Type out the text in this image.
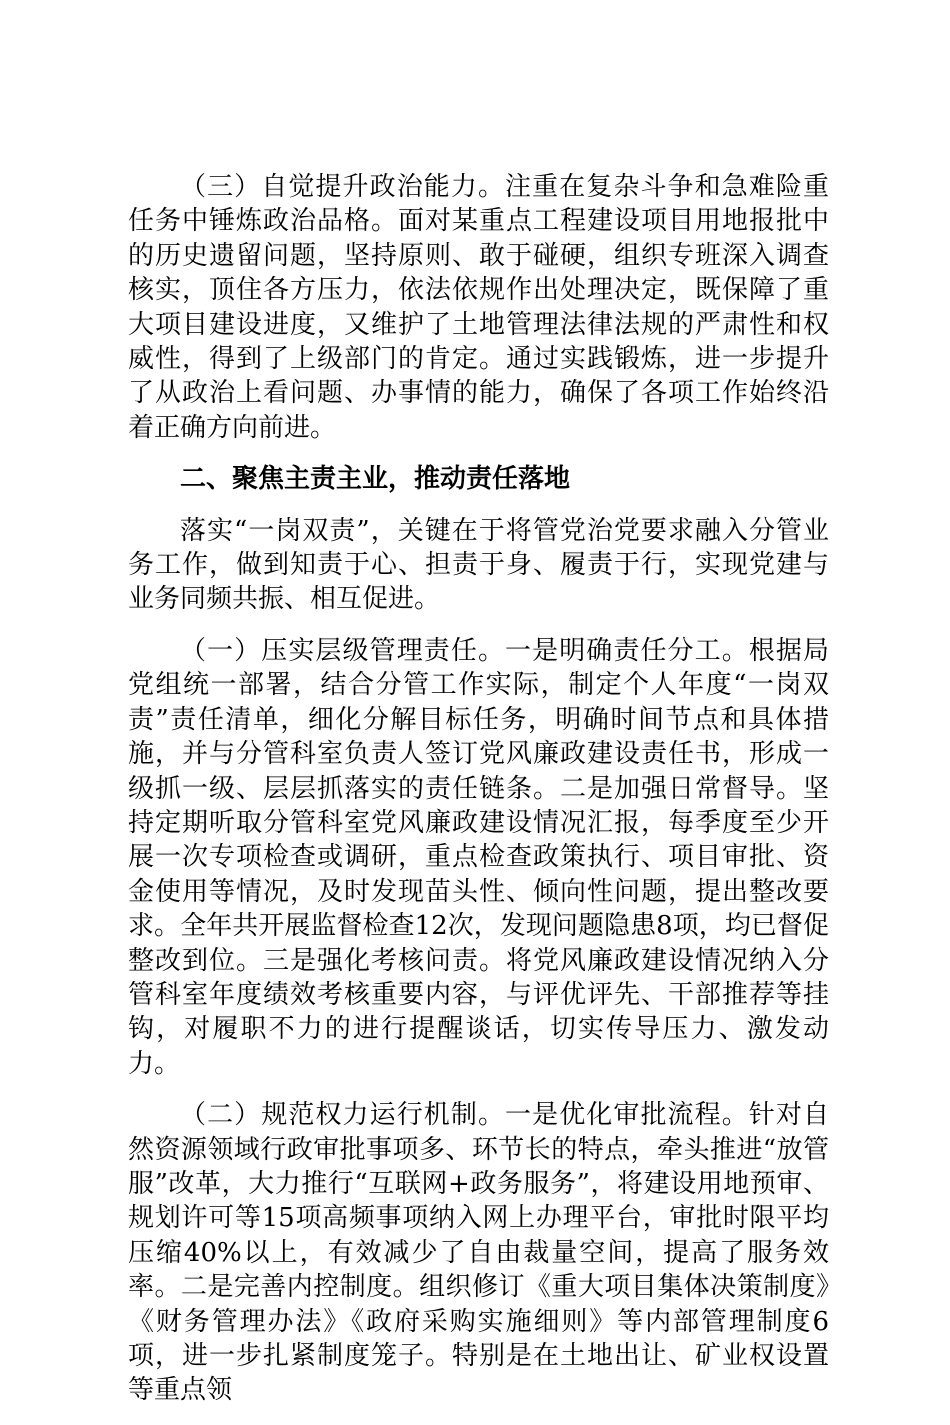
（三）自觉提升政治能力。注重在复杂斗争和急难险重任务中锤炼政治品格。面对某重点工程建设项目用地报批中的历史遗留问题，坚持原则、敢于碰硬，组织专班深入调查核实，顶住各方压力，依法依规作出处理决定，既保障了重大项目建设进度，又维护了土地管理法律法规的严肃性和权威性，得到了上级部门的肯定。通过实践锻炼，进一步提升了从政治上看问题、办事情的能力，确保了各项工作始终沿着正确方向前进。

二、聚焦主责主业，推动责任落地

落实“一岗双责”，关键在于将管党治党要求融入分管业务工作，做到知责于心、担责于身、履责于行，实现党建与业务同频共振、相互促进。

（一）压实层级管理责任。一是明确责任分工。根据局党组统一部署，结合分管工作实际，制定个人年度“一岗双责”责任清单，细化分解目标任务，明确时间节点和具体措施，并与分管科室负责人签订党风廉政建设责任书，形成一级抓一级、层层抓落实的责任链条。二是加强日常督导。坚持定期听取分管科室党风廉政建设情况汇报，每季度至少开展一次专项检查或调研，重点检查政策执行、项目审批、资金使用等情况，及时发现苗头性、倾向性问题，提出整改要求。全年共开展监督检查12次，发现问题隐患8项，均已督促整改到位。三是强化考核问责。将党风廉政建设情况纳入分管科室年度绩效考核重要内容，与评优评先、干部推荐等挂钩，对履职不力的进行提醒谈话，切实传导压力、激发动力。

（二）规范权力运行机制。一是优化审批流程。针对自然资源领域行政审批事项多、环节长的特点，牵头推进“放管服”改革，大力推行“互联网+政务服务”，将建设用地预审、规划许可等15项高频事项纳入网上办理平台，审批时限平均压缩40%以上，有效减少了自由裁量空间，提高了服务效率。二是完善内控制度。组织修订《重大项目集体决策制度》《财务管理办法》《政府采购实施细则》等内部管理制度6项，进一步扎紧制度笼子。特别是在土地出让、矿业权设置等重点领
